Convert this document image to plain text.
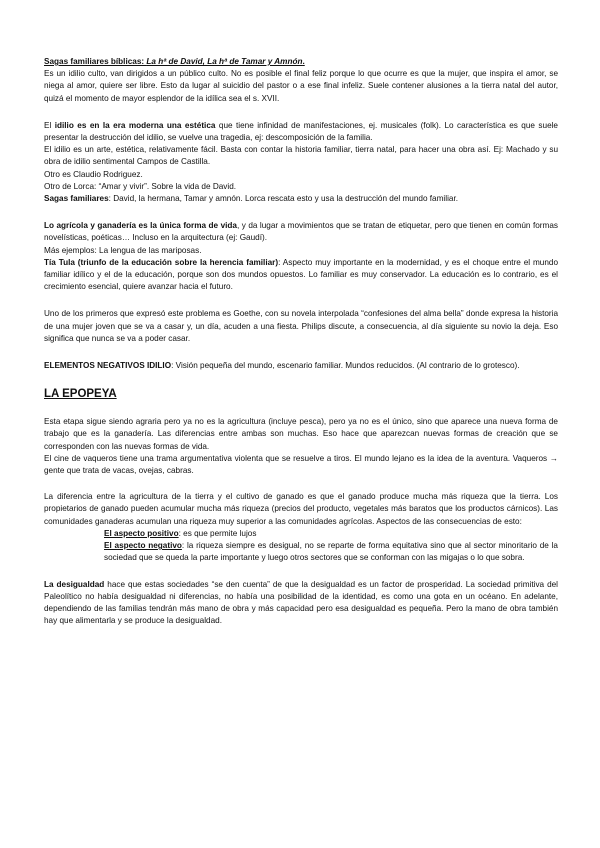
Sagas familiares bíblicas: La hª de David, La hª de Tamar y Amnón.
Es un idilio culto, van dirigidos a un público culto. No es posible el final feliz porque lo que ocurre es que la mujer, que inspira el amor, se niega al amor, quiere ser libre. Esto da lugar al suicidio del pastor o a ese final infeliz. Suele contener alusiones a la tierra natal del autor, quizá el momento de mayor esplendor de la idílica sea el s. XVII.

El idilio es en la era moderna una estética que tiene infinidad de manifestaciones, ej. musicales (folk). Lo característica es que suele presentar la destrucción del idilio, se vuelve una tragedia, ej: descomposición de la familia.

El idilio es un arte, estética, relativamente fácil. Basta con contar la historia familiar, tierra natal, para hacer una obra así. Ej: Machado y su obra de idilio sentimental Campos de Castilla.

Otro es Claudio Rodriguez.

Otro de Lorca: “Amar y vivir”. Sobre la vida de David.

Sagas familiares: David, la hermana, Tamar y amnón. Lorca rescata esto y usa la destrucción del mundo familiar.

Lo agrícola y ganadería es la única forma de vida, y da lugar a movimientos que se tratan de etiquetar, pero que tienen en común formas novelísticas, poéticas… Incluso en la arquitectura (ej: Gaudí).

Más ejemplos: La lengua de las mariposas.

Tía Tula (triunfo de la educación sobre la herencia familiar): Aspecto muy importante en la modernidad, y es el choque entre el mundo familiar idílico y el de la educación, porque son dos mundos opuestos. Lo familiar es muy conservador. La educación es lo contrario, es el crecimiento esencial, quiere avanzar hacia el futuro.

Uno de los primeros que expresó este problema es Goethe, con su novela interpolada “confesiones del alma bella” donde expresa la historia de una mujer joven que se va a casar y, un día, acuden a una fiesta. Philips discute, a consecuencia, al día siguiente su novio la deja. Eso significa que nunca se va a poder casar.

ELEMENTOS NEGATIVOS IDILIO: Visión pequeña del mundo, escenario familiar. Mundos reducidos. (Al contrario de lo grotesco).

LA EPOPEYA

Esta etapa sigue siendo agraria pero ya no es la agricultura (incluye pesca), pero ya no es el único, sino que aparece una nueva forma de trabajo que es la ganadería. Las diferencias entre ambas son muchas. Eso hace que aparezcan nuevas formas de creación que se corresponden con las nuevas formas de vida.

El cine de vaqueros tiene una trama argumentativa violenta que se resuelve a tiros. El mundo lejano es la idea de la aventura. Vaqueros → gente que trata de vacas, ovejas, cabras.

La diferencia entre la agricultura de la tierra y el cultivo de ganado es que el ganado produce mucha más riqueza que la tierra. Los propietarios de ganado pueden acumular mucha más riqueza (precios del producto, vegetales más baratos que los productos cárnicos). Las comunidades ganaderas acumulan una riqueza muy superior a las comunidades agrícolas. Aspectos de las consecuencias de esto:

El aspecto positivo: es que permite lujos

El aspecto negativo: la riqueza siempre es desigual, no se reparte de forma equitativa sino que al sector minoritario de la sociedad que se queda la parte importante y luego otros sectores que se conforman con las migajas o lo que sobra.

La desigualdad hace que estas sociedades “se den cuenta” de que la desigualdad es un factor de prosperidad. La sociedad primitiva del Paleolítico no había desigualdad ni diferencias, no había una posibilidad de la identidad, es como una gota en un océano. En adelante, dependiendo de las familias tendrán más mano de obra y más capacidad pero esa desigualdad es pequeña. Pero la mano de obra también hay que alimentarla y se produce la desigualdad.
